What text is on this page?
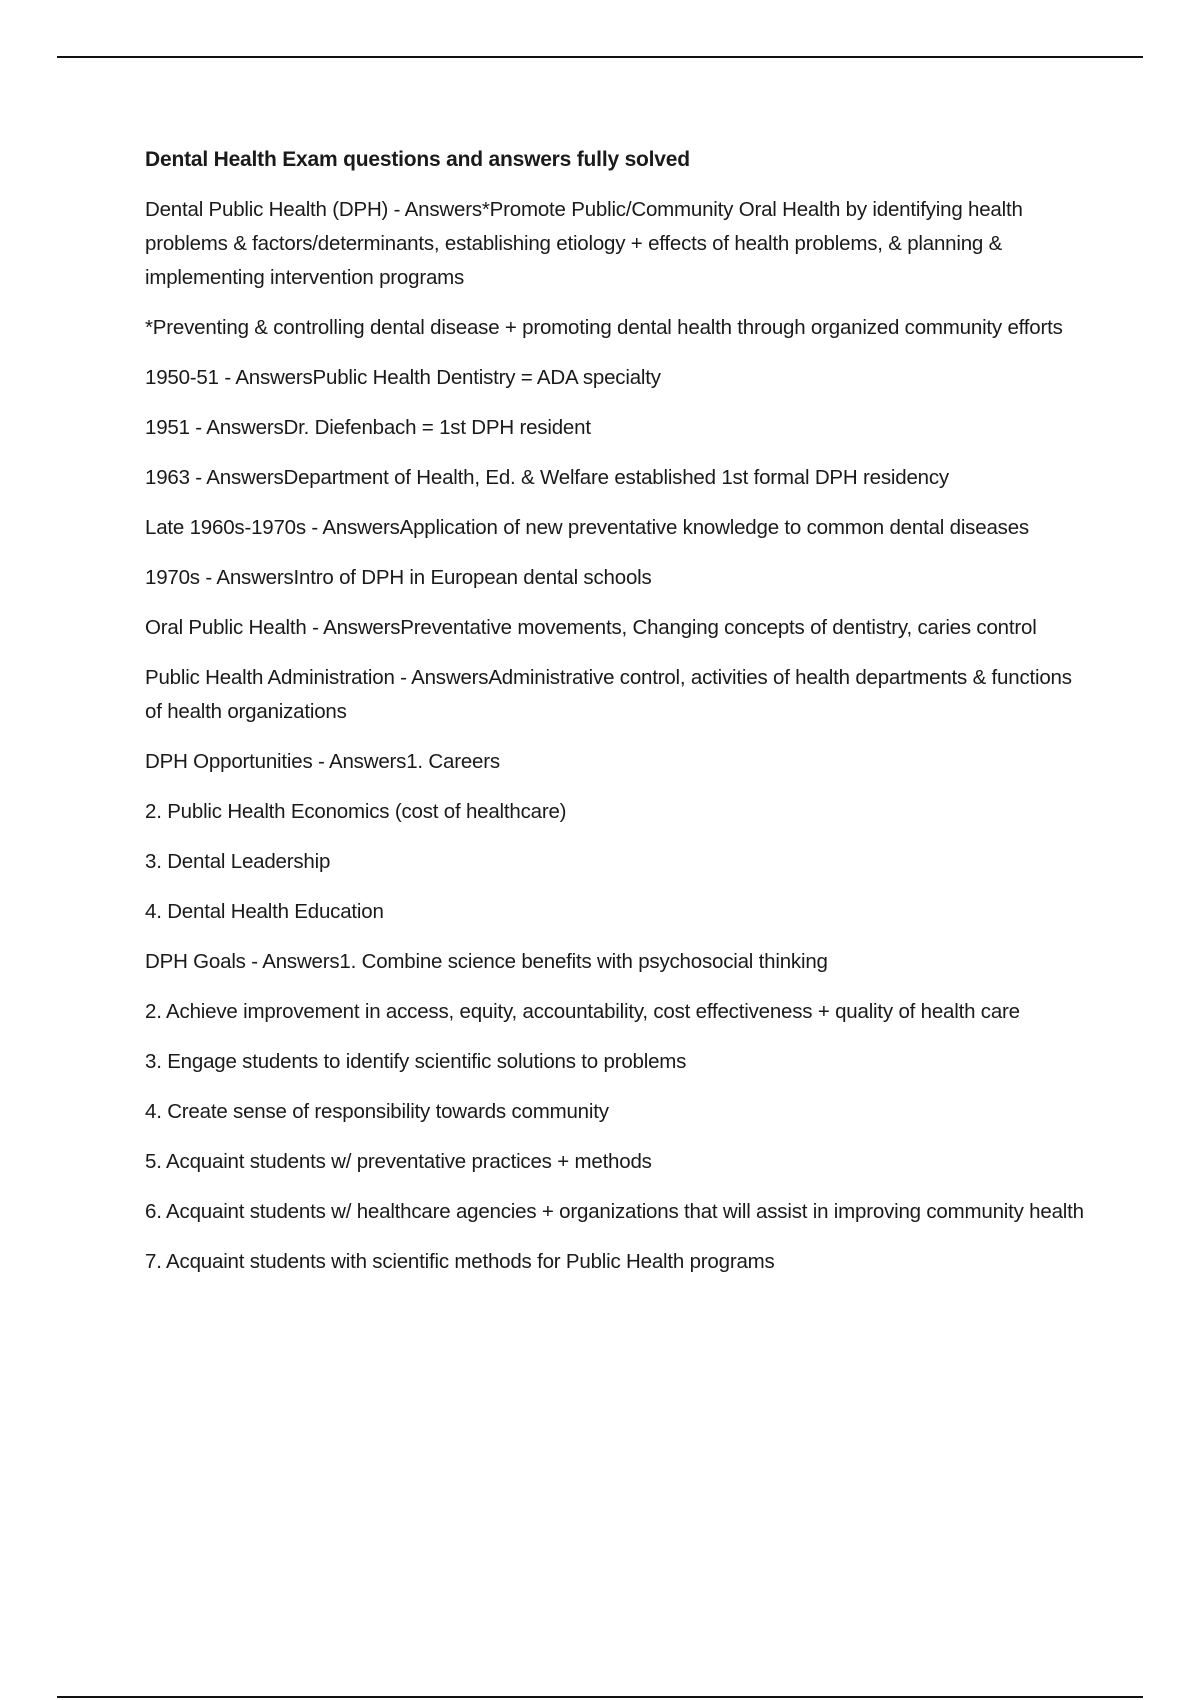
Dental Health Exam questions and answers fully solved
Dental Public Health (DPH) - Answers*Promote Public/Community Oral Health by identifying health problems & factors/determinants, establishing etiology + effects of health problems, & planning & implementing intervention programs
*Preventing & controlling dental disease + promoting dental health through organized community efforts
1950-51 - AnswersPublic Health Dentistry = ADA specialty
1951 - AnswersDr. Diefenbach = 1st DPH resident
1963 - AnswersDepartment of Health, Ed. & Welfare established 1st formal DPH residency
Late 1960s-1970s - AnswersApplication of new preventative knowledge to common dental diseases
1970s - AnswersIntro of DPH in European dental schools
Oral Public Health - AnswersPreventative movements, Changing concepts of dentistry, caries control
Public Health Administration - AnswersAdministrative control, activities of health departments & functions of health organizations
DPH Opportunities - Answers1. Careers
2. Public Health Economics (cost of healthcare)
3. Dental Leadership
4. Dental Health Education
DPH Goals - Answers1. Combine science benefits with psychosocial thinking
2. Achieve improvement in access, equity, accountability, cost effectiveness + quality of health care
3. Engage students to identify scientific solutions to problems
4. Create sense of responsibility towards community
5. Acquaint students w/ preventative practices + methods
6. Acquaint students w/ healthcare agencies + organizations that will assist in improving community health
7. Acquaint students with scientific methods for Public Health programs
